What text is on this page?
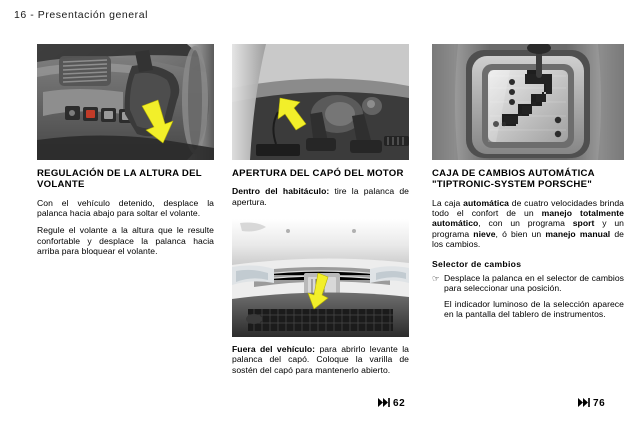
16 - Presentación general
REGULACIÓN DE LA ALTURA DEL VOLANTE

Con el vehículo detenido, desplace la palanca hacia abajo para soltar el volante.

Regule el volante a la altura que le resulte confortable y desplace la palanca hacia arriba para bloquear el volante.

APERTURA DEL CAPÓ DEL MOTOR

Dentro del habitáculo: tire la palanca de apertura.

Fuera del vehículo: para abrirlo levante la palanca del capó. Coloque la varilla de sostén del capó para mantenerlo abierto.

CAJA DE CAMBIOS AUTOMÁTICA "TIPTRONIC-SYSTEM PORSCHE"

La caja automática de cuatro velocidades brinda todo el confort de un manejo totalmente automático, con un programa sport y un programa nieve, ó bien un manejo manual de los cambios.

Selector de cambios
☞ Desplace la palanca en el selector de cambios para seleccionar una posición.

El indicador luminoso de la selección aparece en la pantalla del tablero de instrumentos.

62	76
